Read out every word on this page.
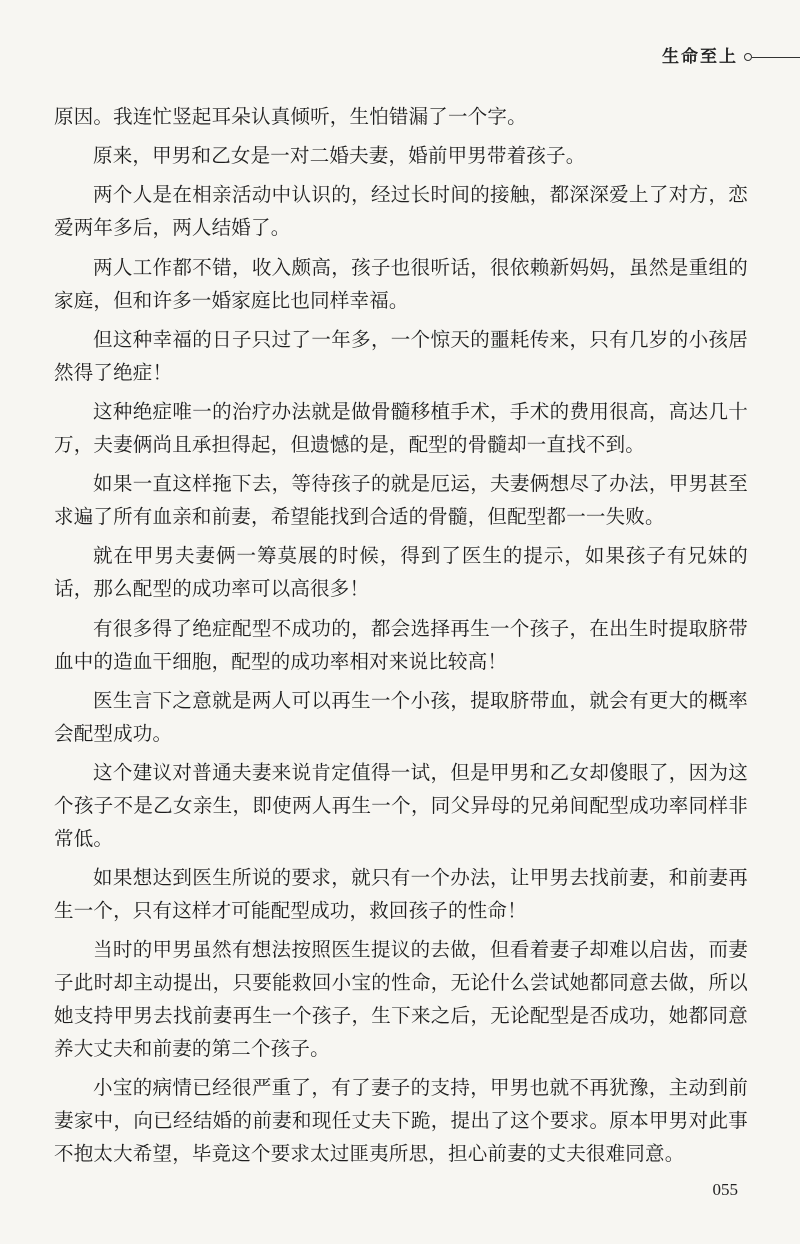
生命至上

原因。我连忙竖起耳朵认真倾听，生怕错漏了一个字。

原来，甲男和乙女是一对二婚夫妻，婚前甲男带着孩子。

两个人是在相亲活动中认识的，经过长时间的接触，都深深爱上了对方，恋爱两年多后，两人结婚了。

两人工作都不错，收入颇高，孩子也很听话，很依赖新妈妈，虽然是重组的家庭，但和许多一婚家庭比也同样幸福。

但这种幸福的日子只过了一年多，一个惊天的噩耗传来，只有几岁的小孩居然得了绝症！

这种绝症唯一的治疗办法就是做骨髓移植手术，手术的费用很高，高达几十万，夫妻俩尚且承担得起，但遗憾的是，配型的骨髓却一直找不到。

如果一直这样拖下去，等待孩子的就是厄运，夫妻俩想尽了办法，甲男甚至求遍了所有血亲和前妻，希望能找到合适的骨髓，但配型都一一失败。

就在甲男夫妻俩一筹莫展的时候，得到了医生的提示，如果孩子有兄妹的话，那么配型的成功率可以高很多！

有很多得了绝症配型不成功的，都会选择再生一个孩子，在出生时提取脐带血中的造血干细胞，配型的成功率相对来说比较高！

医生言下之意就是两人可以再生一个小孩，提取脐带血，就会有更大的概率会配型成功。

这个建议对普通夫妻来说肯定值得一试，但是甲男和乙女却傻眼了，因为这个孩子不是乙女亲生，即使两人再生一个，同父异母的兄弟间配型成功率同样非常低。

如果想达到医生所说的要求，就只有一个办法，让甲男去找前妻，和前妻再生一个，只有这样才可能配型成功，救回孩子的性命！

当时的甲男虽然有想法按照医生提议的去做，但看着妻子却难以启齿，而妻子此时却主动提出，只要能救回小宝的性命，无论什么尝试她都同意去做，所以她支持甲男去找前妻再生一个孩子，生下来之后，无论配型是否成功，她都同意养大丈夫和前妻的第二个孩子。

小宝的病情已经很严重了，有了妻子的支持，甲男也就不再犹豫，主动到前妻家中，向已经结婚的前妻和现任丈夫下跪，提出了这个要求。原本甲男对此事不抱太大希望，毕竟这个要求太过匪夷所思，担心前妻的丈夫很难同意。

055
